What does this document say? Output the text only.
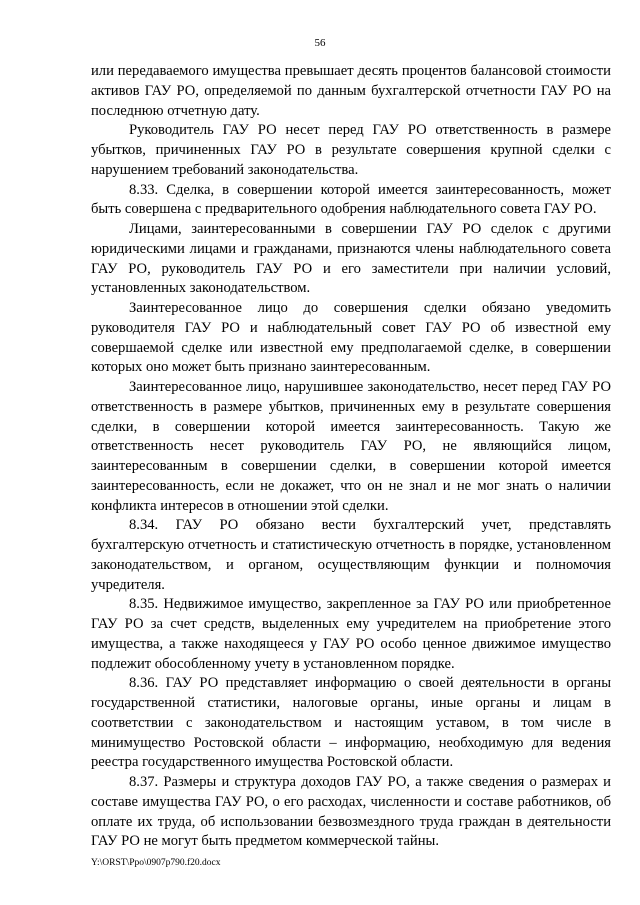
56

или передаваемого имущества превышает десять процентов балансовой стоимости активов ГАУ РО, определяемой по данным бухгалтерской отчетности ГАУ РО на последнюю отчетную дату.

Руководитель ГАУ РО несет перед ГАУ РО ответственность в размере убытков, причиненных ГАУ РО в результате совершения крупной сделки с нарушением требований законодательства.

8.33. Сделка, в совершении которой имеется заинтересованность, может быть совершена с предварительного одобрения наблюдательного совета ГАУ РО.

Лицами, заинтересованными в совершении ГАУ РО сделок с другими юридическими лицами и гражданами, признаются члены наблюдательного совета ГАУ РО, руководитель ГАУ РО и его заместители при наличии условий, установленных законодательством.

Заинтересованное лицо до совершения сделки обязано уведомить руководителя ГАУ РО и наблюдательный совет ГАУ РО об известной ему совершаемой сделке или известной ему предполагаемой сделке, в совершении которых оно может быть признано заинтересованным.

Заинтересованное лицо, нарушившее законодательство, несет перед ГАУ РО ответственность в размере убытков, причиненных ему в результате совершения сделки, в совершении которой имеется заинтересованность. Такую же ответственность несет руководитель ГАУ РО, не являющийся лицом, заинтересованным в совершении сделки, в совершении которой имеется заинтересованность, если не докажет, что он не знал и не мог знать о наличии конфликта интересов в отношении этой сделки.

8.34. ГАУ РО обязано вести бухгалтерский учет, представлять бухгалтерскую отчетность и статистическую отчетность в порядке, установленном законодательством, и органом, осуществляющим функции и полномочия учредителя.

8.35. Недвижимое имущество, закрепленное за ГАУ РО или приобретенное ГАУ РО за счет средств, выделенных ему учредителем на приобретение этого имущества, а также находящееся у ГАУ РО особо ценное движимое имущество подлежит обособленному учету в установленном порядке.

8.36. ГАУ РО представляет информацию о своей деятельности в органы государственной статистики, налоговые органы, иные органы и лицам в соответствии с законодательством и настоящим уставом, в том числе в минимущество Ростовской области – информацию, необходимую для ведения реестра государственного имущества Ростовской области.

8.37. Размеры и структура доходов ГАУ РО, а также сведения о размерах и составе имущества ГАУ РО, о его расходах, численности и составе работников, об оплате их труда, об использовании безвозмездного труда граждан в деятельности ГАУ РО не могут быть предметом коммерческой тайны.

Y:\ORST\Ppo\0907p790.f20.docx
